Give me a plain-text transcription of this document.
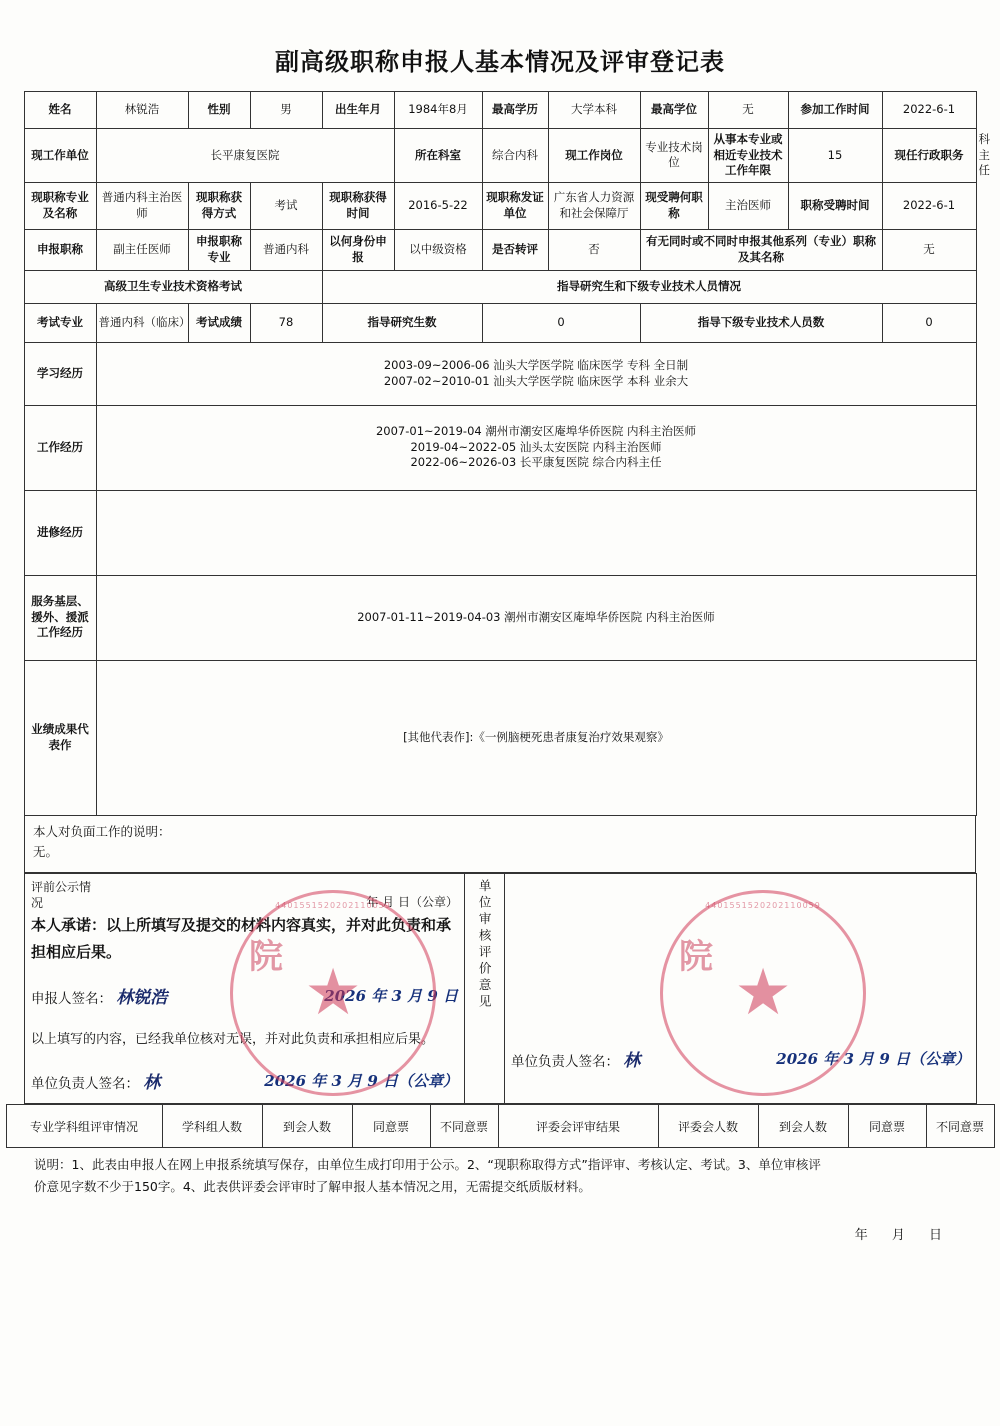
副高级职称申报人基本情况及评审登记表
姓名	林锐浩	性别	男	出生年月	1984年8月	最高学历	大学本科	最高学位	无	参加工作时间	2022-6-1	
现工作单位	长平康复医院				所在科室	综合内科	现工作岗位	专业技术岗位	从事本专业或相近专业技术工作年限	15	现任行政职务	科主任
现职称专业及名称	普通内科主治医师	现职称获得方式	考试	现职称获得时间	2016-5-22	现职称发证单位	广东省人力资源和社会保障厅	现受聘何职称	主治医师	职称受聘时间	2022-6-1	
申报职称	副主任医师	申报职称专业	普通内科	以何身份申报	以中级资格	是否转评	否	有无同时或不同时申报其他系列（专业）职称及其名称			无	
高级卫生专业技术资格考试				指导研究生和下级专业技术人员情况								
考试专业	普通内科（临床）	考试成绩	78	指导研究生数		0		指导下级专业技术人员数			0	
学习经历	2003-09~2006-06 汕头大学医学院 临床医学 专科 全日制
2007-02~2010-01 汕头大学医学院 临床医学 本科 业余大											

工作经历	2007-01~2019-04 潮州市潮安区庵埠华侨医院 内科主治医师
2019-04~2022-05 汕头太安医院 内科主治医师
2022-06~2026-03 长平康复医院 综合内科主任											

进修经历												
服务基层、援外、援派工作经历	2007-01-11~2019-04-03 潮州市潮安区庵埠华侨医院 内科主治医师											

业绩成果代表作	[其他代表作]:《一例脑梗死患者康复治疗效果观察》											
本人对负面工作的说明：
无。
评前公示情况	年 月 日（公章）
本人承诺：以上所填写及提交的材料内容真实，并对此负责和承担相应后果。
申报人签名： 林锐浩	2026 年 3 月 9 日
以上填写的内容，已经我单位核对无误，并对此负责和承担相应后果。
单位负责人签名： 林	2026 年 3 月 9 日（公章）
	单位审核评价意见	
单位负责人签名： 林	2026 年 3 月 9 日（公章）
专业学科组评审情况	学科组人数	到会人数	同意票	不同意票	评委会评审结果	评委会人数	到会人数	同意票	不同意票

说明：1、此表由申报人在网上申报系统填写保存，由单位生成打印用于公示。2、“现职称取得方式”指评审、考核认定、考试。3、单位审核评

价意见字数不少于150字。4、此表供评委会评审时了解申报人基本情况之用，无需提交纸质版材料。

年 月 日
★
4401551520202110059
院	★
4401551520202110059
院
